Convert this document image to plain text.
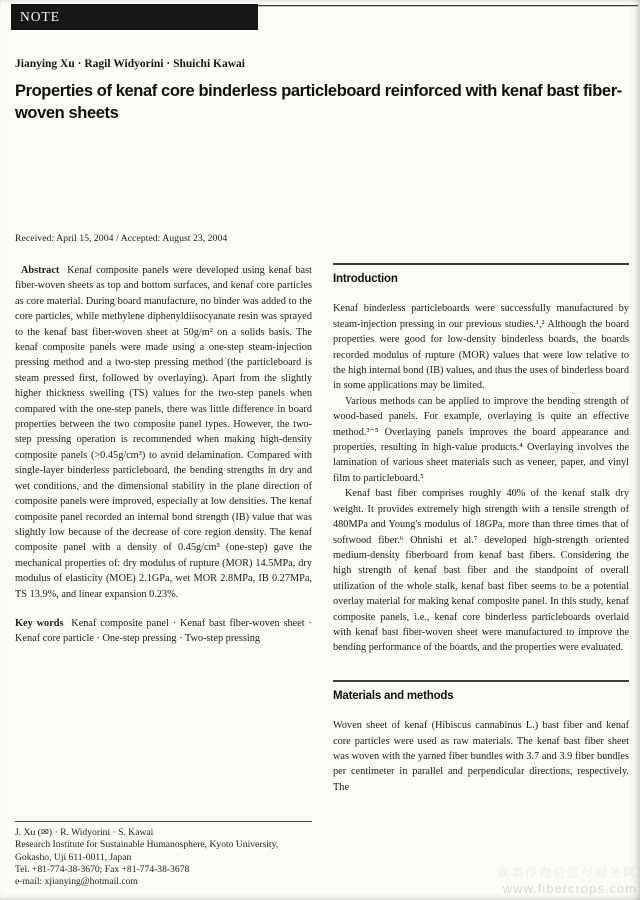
NOTE
Jianying Xu · Ragil Widyorini · Shuichi Kawai
Properties of kenaf core binderless particleboard reinforced with kenaf bast fiber-woven sheets
Received: April 15, 2004 / Accepted: August 23, 2004

Abstract Kenaf composite panels were developed using kenaf bast fiber-woven sheets as top and bottom surfaces, and kenaf core particles as core material. During board manufacture, no binder was added to the core particles, while methylene diphenyldiisocyanate resin was sprayed to the kenaf bast fiber-woven sheet at 50g/m² on a solids basis. The kenaf composite panels were made using a one-step steam-injection pressing method and a two-step pressing method (the particleboard is steam pressed first, followed by overlaying). Apart from the slightly higher thickness swelling (TS) values for the two-step panels when compared with the one-step panels, there was little difference in board properties between the two composite panel types. However, the two-step pressing operation is recommended when making high-density composite panels (>0.45g/cm³) to avoid delamination. Compared with single-layer binderless particleboard, the bending strengths in dry and wet conditions, and the dimensional stability in the plane direction of composite panels were improved, especially at low densities. The kenaf composite panel recorded an internal bond strength (IB) value that was slightly low because of the decrease of core region density. The kenaf composite panel with a density of 0.45g/cm³ (one-step) gave the mechanical properties of: dry modulus of rupture (MOR) 14.5MPa, dry modulus of elasticity (MOE) 2.1GPa, wet MOR 2.8MPa, IB 0.27MPa, TS 13.9%, and linear expansion 0.23%.

Key words Kenaf composite panel · Kenaf bast fiber-woven sheet · Kenaf core particle · One-step pressing · Two-step pressing

Introduction

Kenaf binderless particleboards were successfully manufactured by steam-injection pressing in our previous studies.¹,² Although the board properties were good for low-density binderless boards, the boards recorded modulus of rupture (MOR) values that were low relative to the high internal bond (IB) values, and thus the uses of binderless board in some applications may be limited.

Various methods can be applied to improve the bending strength of wood-based panels. For example, overlaying is quite an effective method.³⁻⁵ Overlaying panels improves the board appearance and properties, resulting in high-value products.⁴ Overlaying involves the lamination of various sheet materials such as veneer, paper, and vinyl film to particleboard.⁵

Kenaf bast fiber comprises roughly 40% of the kenaf stalk dry weight. It provides extremely high strength with a tensile strength of 480MPa and Young's modulus of 18GPa, more than three times that of softwood fiber.⁶ Ohnishi et al.⁷ developed high-strength oriented medium-density fiberboard from kenaf bast fibers. Considering the high strength of kenaf bast fiber and the standpoint of overall utilization of the whole stalk, kenaf bast fiber seems to be a potential overlay material for making kenaf composite panel. In this study, kenaf composite panels, i.e., kenaf core binderless particleboards overlaid with kenaf bast fiber-woven sheet were manufactured to improve the bending performance of the boards, and the properties were evaluated.

Materials and methods

Woven sheet of kenaf (Hibiscus cannabinus L.) bast fiber and kenaf core particles were used as raw materials. The kenaf bast fiber sheet was woven with the yarned fiber bundles with 3.7 and 3.9 fiber bundles per centimeter in parallel and perpendicular directions, respectively. The

J. Xu (✉) · R. Widyorini · S. Kawai
Research Institute for Sustainable Humanosphere, Kyoto University,
Gokasho, Uji 611-0011, Japan
Tel. +81-774-38-3670; Fax +81-774-38-3678
e-mail: xjianying@hotmail.com
麻类作物信息与服务网
www.fibercrops.com
